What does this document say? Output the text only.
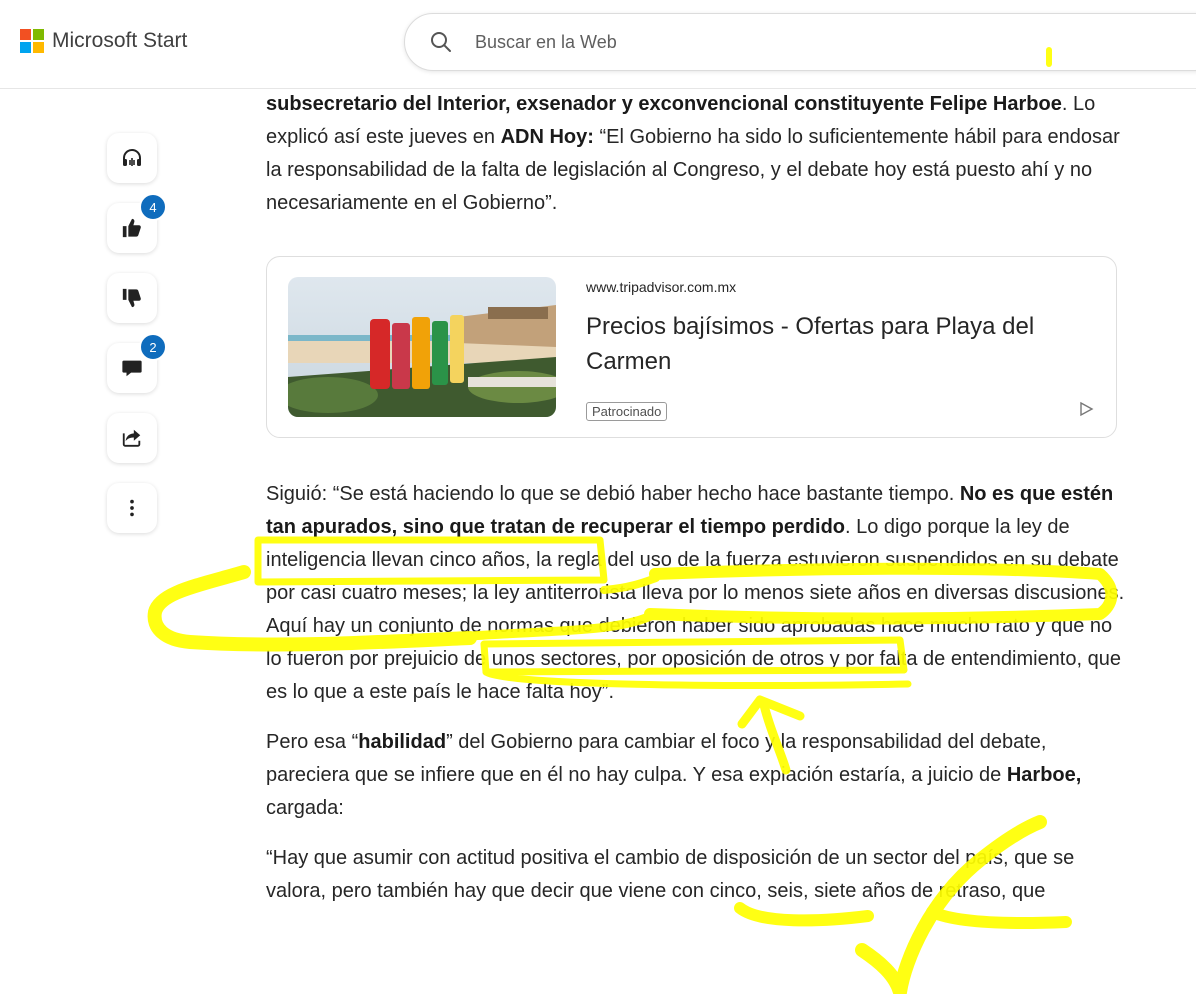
Microsoft Start
Buscar en la Web
4
2

subsecretario del Interior, exsenador y exconvencional constituyente Felipe Harboe. Lo explicó así este jueves en ADN Hoy: “El Gobierno ha sido lo suficientemente hábil para endosar la responsabilidad de la falta de legislación al Congreso, y el debate hoy está puesto ahí y no necesariamente en el Gobierno”.

Siguió: “Se está haciendo lo que se debió haber hecho hace bastante tiempo. No es que estén tan apurados, sino que tratan de recuperar el tiempo perdido. Lo digo porque la ley de inteligencia llevan cinco años, la regla del uso de la fuerza estuvieron suspendidos en su debate por casi cuatro meses; la ley antiterrorista lleva por lo menos siete años en diversas discusiones. Aquí hay un conjunto de normas que debieron haber sido aprobadas hace mucho rato y que no lo fueron por prejuicio de unos sectores, por oposición de otros y por falta de entendimiento, que es lo que a este país le hace falta hoy”.

Pero esa “habilidad” del Gobierno para cambiar el foco y la responsabilidad del debate, pareciera que se infiere que en él no hay culpa. Y esa expiación estaría, a juicio de Harboe, cargada:

“Hay que asumir con actitud positiva el cambio de disposición de un sector del país, que se valora, pero también hay que decir que viene con cinco, seis, siete años de retraso, que

www.tripadvisor.com.mx
Precios bajísimos - Ofertas para Playa del Carmen
Patrocinado
